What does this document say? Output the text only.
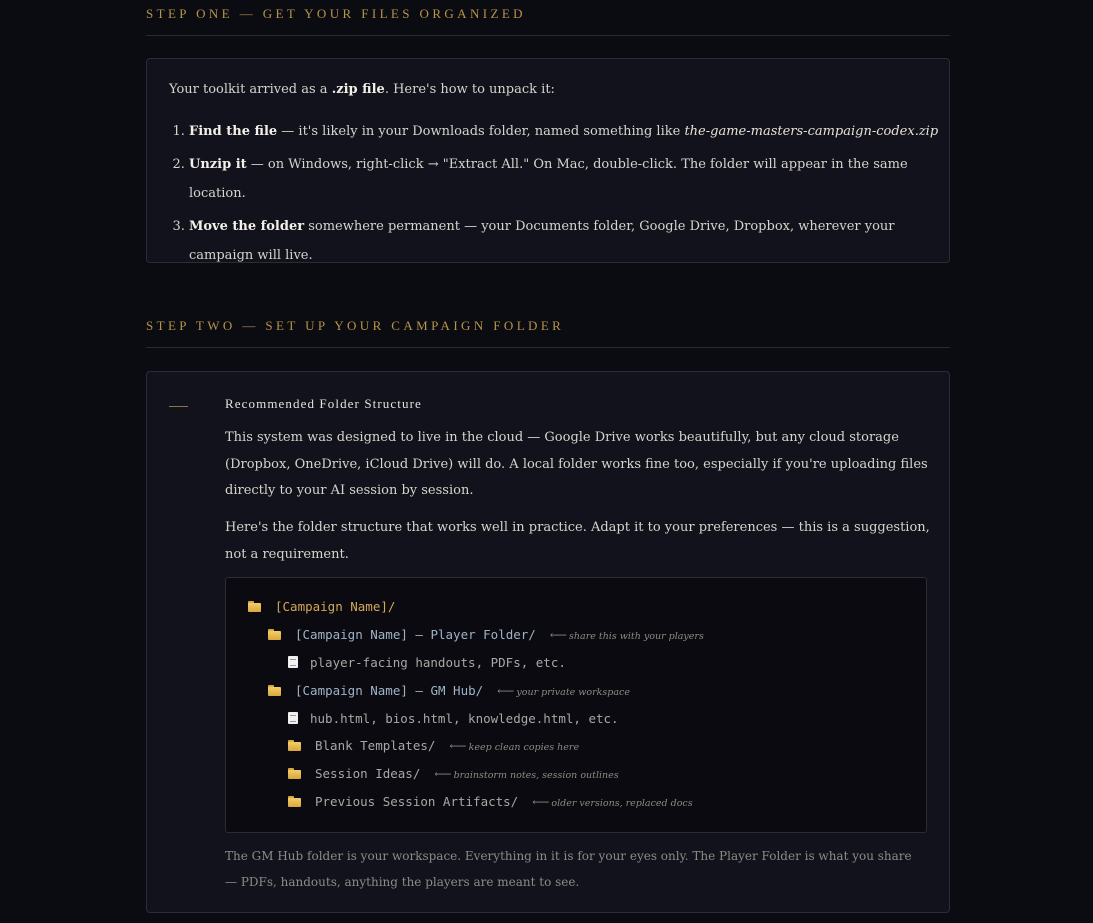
STEP ONE — GET YOUR FILES ORGANIZED
Your toolkit arrived as a .zip file. Here's how to unpack it:
1. Find the file — it's likely in your Downloads folder, named something like the-game-masters-campaign-codex.zip
2. Unzip it — on Windows, right-click → "Extract All." On Mac, double-click. The folder will appear in the same location.
3. Move the folder somewhere permanent — your Documents folder, Google Drive, Dropbox, wherever your campaign will live.
STEP TWO — SET UP YOUR CAMPAIGN FOLDER
Recommended Folder Structure
This system was designed to live in the cloud — Google Drive works beautifully, but any cloud storage (Dropbox, OneDrive, iCloud Drive) will do. A local folder works fine too, especially if you're uploading files directly to your AI session by session.
Here's the folder structure that works well in practice. Adapt it to your preferences — this is a suggestion, not a requirement.
[Campaign Name]/
[Campaign Name] — Player Folder/ ⟵ share this with your players
player-facing handouts, PDFs, etc.
[Campaign Name] — GM Hub/ ⟵ your private workspace
hub.html, bios.html, knowledge.html, etc.
Blank Templates/ ⟵ keep clean copies here
Session Ideas/ ⟵ brainstorm notes, session outlines
Previous Session Artifacts/ ⟵ older versions, replaced docs
The GM Hub folder is your workspace. Everything in it is for your eyes only. The Player Folder is what you share — PDFs, handouts, anything the players are meant to see.
